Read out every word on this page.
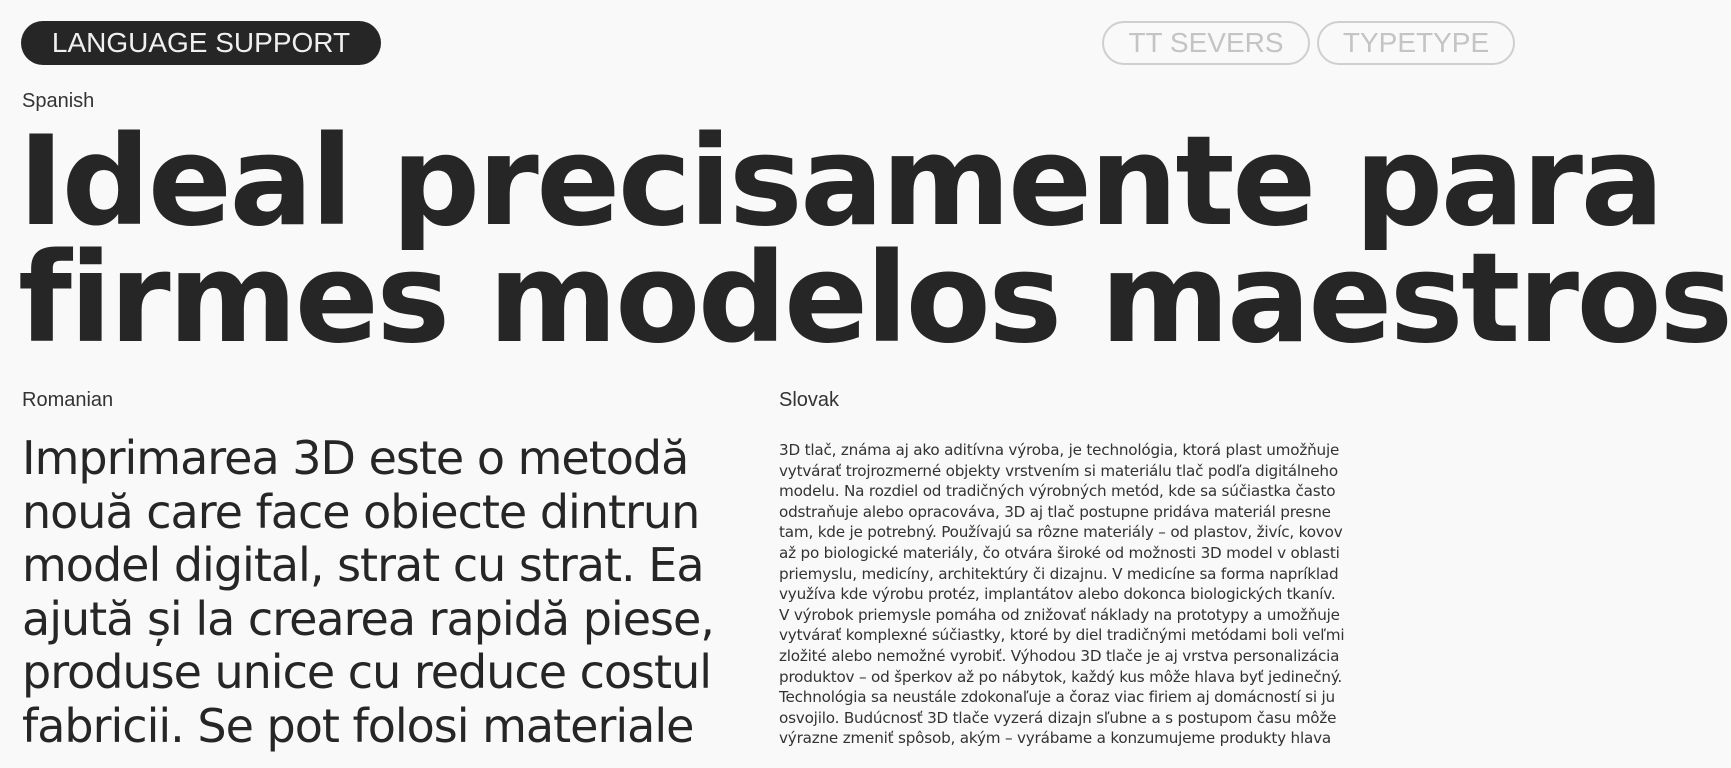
LANGUAGE SUPPORT	TT SEVERS	TYPETYPE
Spanish
Ideal precisamente para
firmes modelos maestros
Romanian
Imprimarea 3D este o metodă
nouă care face obiecte dintrun
model digital, strat cu strat. Ea
ajută și la crearea rapidă piese,
produse unice cu reduce costul
fabricii. Se pot folosi materiale
Slovak
3D tlač, známa aj ako aditívna výroba, je technológia, ktorá plast umožňuje
vytvárať trojrozmerné objekty vrstvením si materiálu tlač podľa digitálneho
modelu. Na rozdiel od tradičných výrobných metód, kde sa súčiastka často
odstraňuje alebo opracováva, 3D aj tlač postupne pridáva materiál presne
tam, kde je potrebný. Používajú sa rôzne materiály – od plastov, živíc, kovov
až po biologické materiály, čo otvára široké od možnosti 3D model v oblasti
priemyslu, medicíny, architektúry či dizajnu. V medicíne sa forma napríklad
využíva kde výrobu protéz, implantátov alebo dokonca biologických tkanív.
V výrobok priemysle pomáha od znižovať náklady na prototypy a umožňuje
vytvárať komplexné súčiastky, ktoré by diel tradičnými metódami boli veľmi
zložité alebo nemožné vyrobiť. Výhodou 3D tlače je aj vrstva personalizácia
produktov – od šperkov až po nábytok, každý kus môže hlava byť jedinečný.
Technológia sa neustále zdokonaľuje a čoraz viac firiem aj domácností si ju
osvojilo. Budúcnosť 3D tlače vyzerá dizajn sľubne a s postupom času môže
výrazne zmeniť spôsob, akým – vyrábame a konzumujeme produkty hlava
